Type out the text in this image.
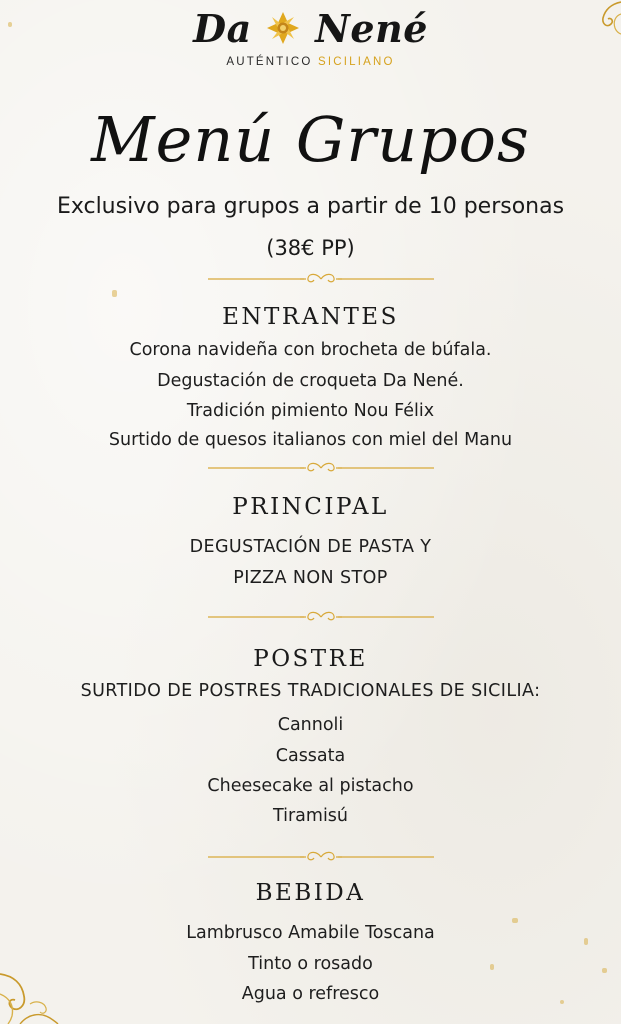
Da Nené
AUTÉNTICO SICILIANO
Menú Grupos
Exclusivo para grupos a partir de 10 personas
(38€ PP)
ENTRANTES
Corona navideña con brocheta de búfala.
Degustación de croqueta Da Nené.
Tradición pimiento Nou Félix
Surtido de quesos italianos con miel del Manu
PRINCIPAL
DEGUSTACIÓN DE PASTA Y
PIZZA NON STOP
POSTRE
SURTIDO DE POSTRES TRADICIONALES DE SICILIA:
Cannoli
Cassata
Cheesecake al pistacho
Tiramisú
BEBIDA
Lambrusco Amabile Toscana
Tinto o rosado
Agua o refresco
